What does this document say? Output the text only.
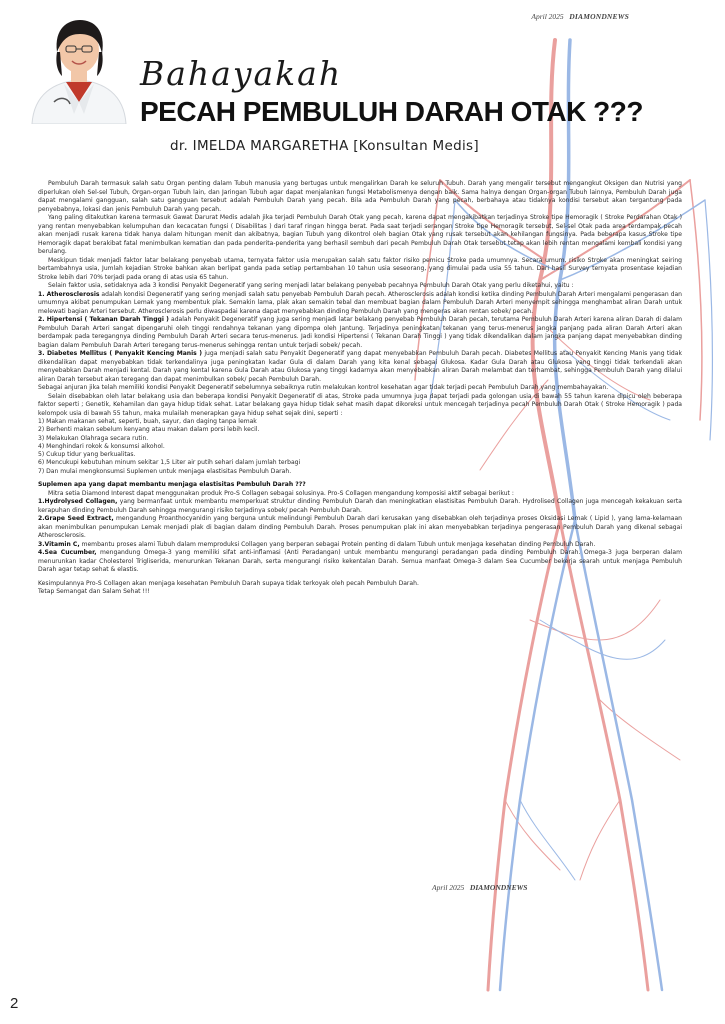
April 2025 DIAMONDNEWS
Bahayakah
PECAH PEMBULUH DARAH OTAK ???
dr. IMELDA MARGARETHA [Konsultan Medis]

Pembuluh Darah termasuk salah satu Organ penting dalam Tubuh manusia yang bertugas untuk mengalirkan Darah ke seluruh Tubuh. Darah yang mengalir tersebut mengangkut Oksigen dan Nutrisi yang diperlukan oleh Sel-sel Tubuh, Organ-organ Tubuh lain, dan Jaringan Tubuh agar dapat menjalankan fungsi Metabolismenya dengan baik. Sama halnya dengan Organ-organ Tubuh lainnya, Pembuluh Darah juga dapat mengalami gangguan, salah satu gangguan tersebut adalah Pembuluh Darah yang pecah. Bila ada Pembuluh Darah yang pecah, berbahaya atau tidaknya kondisi tersebut akan tergantung pada penyebabnya, lokasi dan jenis Pembuluh Darah yang pecah.

Yang paling ditakutkan karena termasuk Gawat Darurat Medis adalah jika terjadi Pembuluh Darah Otak yang pecah, karena dapat mengakibatkan terjadinya Stroke tipe Hemoragik ( Stroke Perdarahan Otak ) yang rentan menyebabkan kelumpuhan dan kecacatan fungsi ( Disabilitas ) dari taraf ringan hingga berat. Pada saat terjadi serangan Stroke tipe Hemoragik tersebut, Sel-sel Otak pada area terdampak pecah akan menjadi rusak karena tidak hanya dalam hitungan menit dan akibatnya, bagian Tubuh yang dikontrol oleh bagian Otak yang rusak tersebut akan kehilangan fungsinya. Pada beberapa kasus Stroke tipe Hemoragik dapat berakibat fatal menimbulkan kematian dan pada penderita-penderita yang berhasil sembuh dari pecah Pembuluh Darah Otak tersebut tetap akan lebih rentan mengalami kembali kondisi yang berulang.

Meskipun tidak menjadi faktor latar belakang penyebab utama, ternyata faktor usia merupakan salah satu faktor risiko pemicu Stroke pada umumnya. Secara umum, risiko Stroke akan meningkat seiring bertambahnya usia, Jumlah kejadian Stroke bahkan akan berlipat ganda pada setiap pertambahan 10 tahun usia seseorang, yang dimulai pada usia 55 tahun. Dari hasil Survey ternyata prosentase kejadian Stroke lebih dari 70% terjadi pada orang di atas usia 65 tahun.

Selain faktor usia, setidaknya ada 3 kondisi Penyakit Degeneratif yang sering menjadi latar belakang penyebab pecahnya Pembuluh Darah Otak yang perlu diketahui, yaitu :

1. Atherosclerosis adalah kondisi Degeneratif yang sering menjadi salah satu penyebab Pembuluh Darah pecah. Atherosclerosis adalah kondisi ketika dinding Pembuluh Darah Arteri mengalami pengerasan dan umumnya akibat penumpukan Lemak yang membentuk plak. Semakin lama, plak akan semakin tebal dan membuat bagian dalam Pembuluh Darah Arteri menyempit sehingga menghambat aliran Darah untuk melewati bagian Arteri tersebut. Atherosclerosis perlu diwaspadai karena dapat menyebabkan dinding Pembuluh Darah yang mengeras akan rentan sobek/ pecah.

2. Hipertensi ( Tekanan Darah Tinggi ) adalah Penyakit Degeneratif yang juga sering menjadi latar belakang penyebab Pembuluh Darah pecah, terutama Pembuluh Darah Arteri karena aliran Darah di dalam Pembuluh Darah Arteri sangat dipengaruhi oleh tinggi rendahnya tekanan yang dipompa oleh Jantung. Terjadinya peningkatan tekanan yang terus-menerus jangka panjang pada aliran Darah Arteri akan berdampak pada teregangnya dinding Pembuluh Darah Arteri secara terus-menerus. Jadi kondisi Hipertensi ( Tekanan Darah Tinggi ) yang tidak dikendalikan dalam jangka panjang dapat menyebabkan dinding bagian dalam Pembuluh Darah Arteri teregang terus-menerus sehingga rentan untuk terjadi sobek/ pecah.

3. Diabetes Mellitus ( Penyakit Kencing Manis ) juga menjadi salah satu Penyakit Degeneratif yang dapat menyebabkan Pembuluh Darah pecah. Diabetes Mellitus atau Penyakit Kencing Manis yang tidak dikendalikan dapat menyebabkan tidak terkendalinya juga peningkatan kadar Gula di dalam Darah yang kita kenal sebagai Glukosa. Kadar Gula Darah atau Glukosa yang tinggi tidak terkendali akan menyebabkan Darah menjadi kental. Darah yang kental karena Gula Darah atau Glukosa yang tinggi kadarnya akan menyebabkan aliran Darah melambat dan terhambat, sehingga Pembuluh Darah yang dilalui aliran Darah tersebut akan teregang dan dapat menimbulkan sobek/ pecah Pembuluh Darah.

Sebagai anjuran jika telah memiliki kondisi Penyakit Degeneratif sebelumnya sebaiknya rutin melakukan kontrol kesehatan agar tidak terjadi pecah Pembuluh Darah yang membahayakan.

Selain disebabkan oleh latar belakang usia dan beberapa kondisi Penyakit Degeneratif di atas, Stroke pada umumnya juga dapat terjadi pada golongan usia di bawah 55 tahun karena dipicu oleh beberapa faktor seperti ; Genetik, Kehamilan dan gaya hidup tidak sehat. Latar belakang gaya hidup tidak sehat masih dapat dikoreksi untuk mencegah terjadinya pecah Pembuluh Darah Otak ( Stroke Hemoragik ) pada kelompok usia di bawah 55 tahun, maka mulailah menerapkan gaya hidup sehat sejak dini, seperti :

1) Makan makanan sehat, seperti, buah, sayur, dan daging tanpa lemak
2) Berhenti makan sebelum kenyang atau makan dalam porsi lebih kecil.
3) Melakukan Olahraga secara rutin.
4) Menghindari rokok & konsumsi alkohol.
5) Cukup tidur yang berkualitas.
6) Mencukupi kebutuhan minum sekitar 1,5 Liter air putih sehari dalam jumlah terbagi
7) Dan mulai mengkonsumsi Suplemen untuk menjaga elastisitas Pembuluh Darah.

Suplemen apa yang dapat membantu menjaga elastisitas Pembuluh Darah ???

Mitra setia Diamond Interest dapat menggunakan produk Pro-S Collagen sebagai solusinya. Pro-S Collagen mengandung komposisi aktif sebagai berikut :

1.Hydrolysed Collagen, yang bermanfaat untuk membantu memperkuat struktur dinding Pembuluh Darah dan meningkatkan elastisitas Pembuluh Darah. Hydrolised Collagen juga mencegah kekakuan serta kerapuhan dinding Pembuluh Darah sehingga mengurangi risiko terjadinya sobek/ pecah Pembuluh Darah.

2.Grape Seed Extract, mengandung Proanthocyanidin yang berguna untuk melindungi Pembuluh Darah dari kerusakan yang disebabkan oleh terjadinya proses Oksidasi Lemak ( Lipid ), yang lama-kelamaan akan menimbulkan penumpukan Lemak menjadi plak di bagian dalam dinding Pembuluh Darah. Proses penumpukan plak ini akan menyebabkan terjadinya pengerasan Pembuluh Darah yang dikenal sebagai Atherosclerosis.

3.Vitamin C, membantu proses alami Tubuh dalam memproduksi Collagen yang berperan sebagai Protein penting di dalam Tubuh untuk menjaga kesehatan dinding Pembuluh Darah.

4.Sea Cucumber, mengandung Omega-3 yang memiliki sifat anti-inflamasi (Anti Peradangan) untuk membantu mengurangi peradangan pada dinding Pembuluh Darah. Omega-3 juga berperan dalam menurunkan kadar Cholesterol Trigliserida, menurunkan Tekanan Darah, serta mengurangi risiko kekentalan Darah. Semua manfaat Omega-3 dalam Sea Cucumber bekerja searah untuk menjaga Pembuluh Darah agar tetap sehat & elastis.

Kesimpulannya Pro-S Collagen akan menjaga kesehatan Pembuluh Darah supaya tidak terkoyak oleh pecah Pembuluh Darah.

Tetap Semangat dan Salam Sehat !!!

April 2025 DIAMONDNEWS
2
